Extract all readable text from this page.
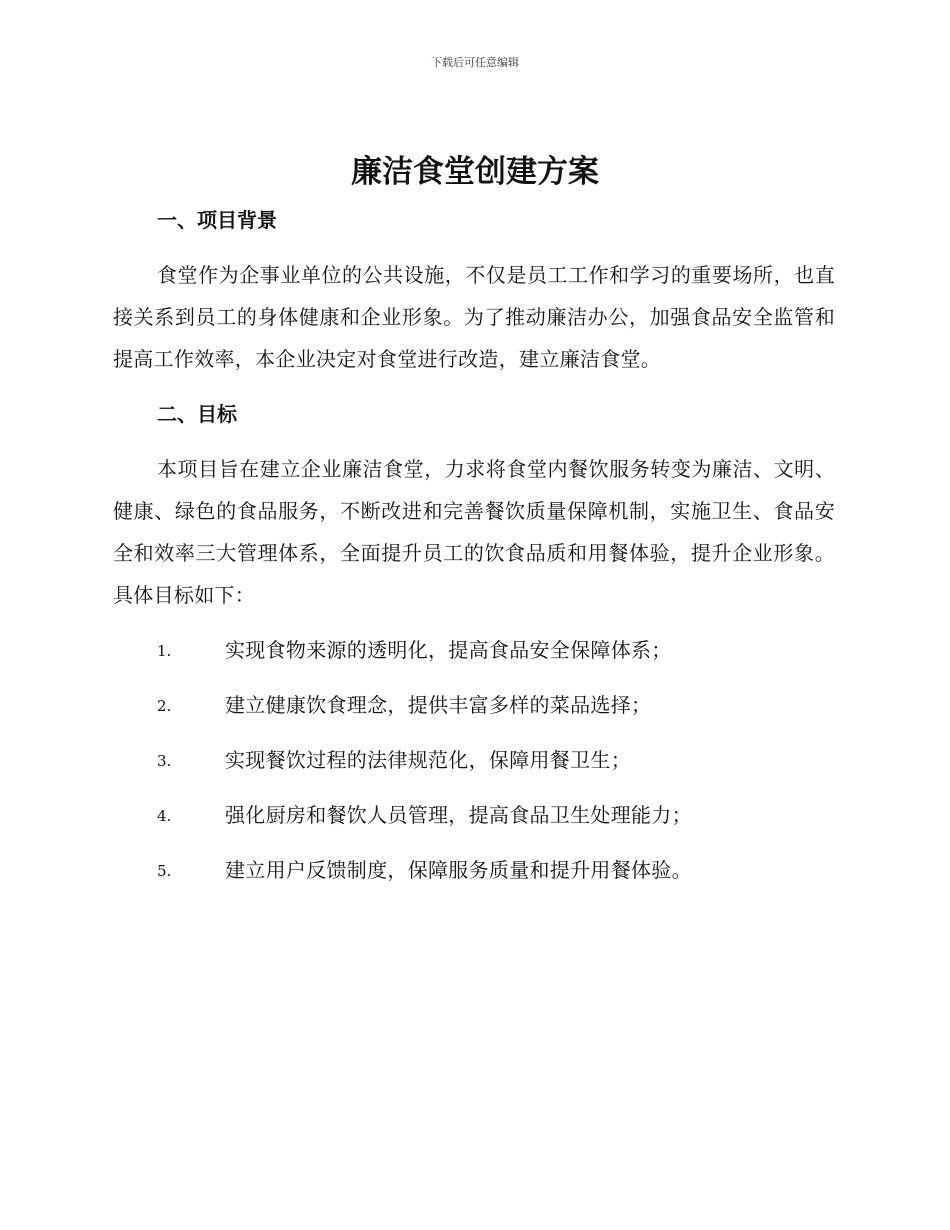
下载后可任意编辑
廉洁食堂创建方案
一、项目背景

食堂作为企事业单位的公共设施，不仅是员工工作和学习的重要场所，也直接关系到员工的身体健康和企业形象。为了推动廉洁办公，加强食品安全监管和提高工作效率，本企业决定对食堂进行改造，建立廉洁食堂。

二、目标

本项目旨在建立企业廉洁食堂，力求将食堂内餐饮服务转变为廉洁、文明、健康、绿色的食品服务，不断改进和完善餐饮质量保障机制，实施卫生、食品安全和效率三大管理体系，全面提升员工的饮食品质和用餐体验，提升企业形象。具体目标如下：

1.	实现食物来源的透明化，提高食品安全保障体系；
2.	建立健康饮食理念，提供丰富多样的菜品选择；
3.	实现餐饮过程的法律规范化，保障用餐卫生；
4.	强化厨房和餐饮人员管理，提高食品卫生处理能力；
5.	建立用户反馈制度，保障服务质量和提升用餐体验。
